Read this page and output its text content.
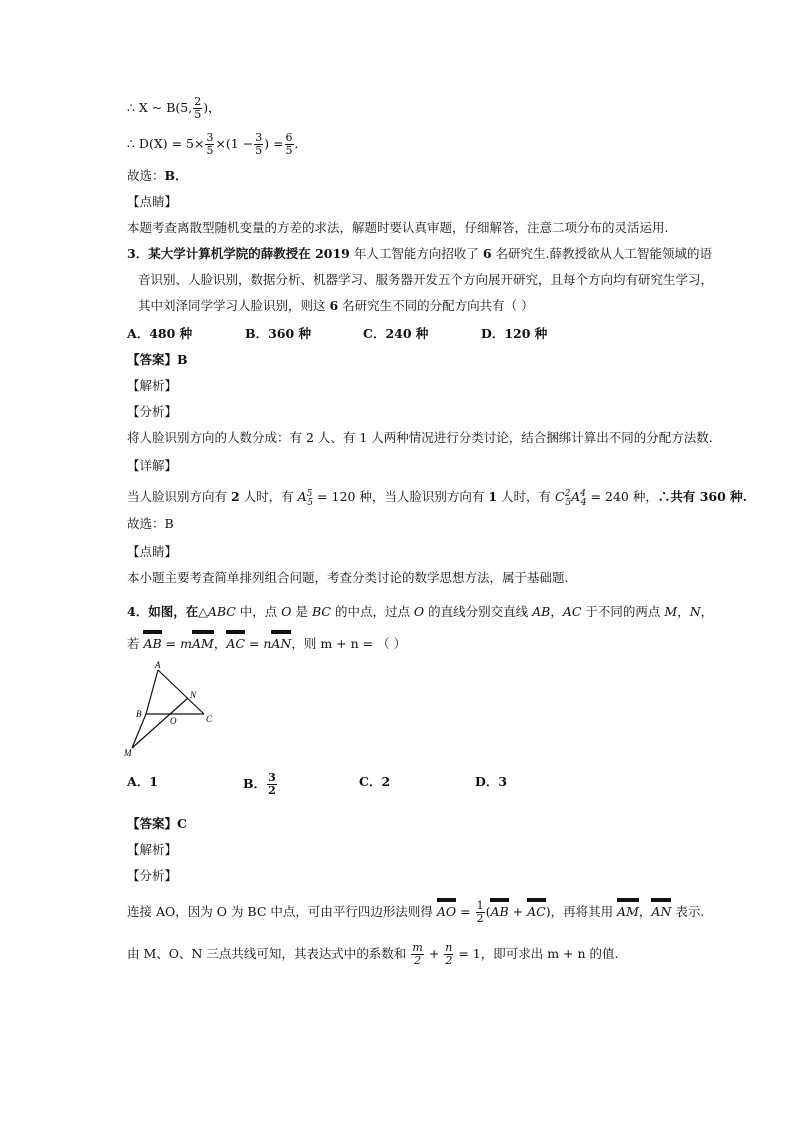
∴ X ~ B(5, $\frac{2}{5}$ )，
∴ $D(X) = 5\times \frac{3}{5} \times(1 - \frac{3}{5}$ ) = $\frac{6}{5}$ ．
故选：B．
【点睛】
本题考查离散型随机变量的方差的求法，解题时要认真审题，仔细解答，注意二项分布的灵活运用.
3．某大学计算机学院的薛教授在 2019 年人工智能方向招收了 6 名研究生.薛教授欲从人工智能领域的语
音识别、人脸识别，数据分析、机器学习、服务器开发五个方向展开研究，且每个方向均有研究生学习，
其中刘泽同学学习人脸识别，则这 6 名研究生不同的分配方向共有（ ）
A．480 种	B．360 种	C．240 种	D．120 种
【答案】B
【解析】
【分析】
将人脸识别方向的人数分成：有 2 人、有 1 人两种情况进行分类讨论，结合捆绑计算出不同的分配方法数.
【详解】
当人脸识别方向有 2 人时，有 $A^5_5 = 120$ 种，当人脸识别方向有 1 人时，有 $C^2_5A^4_4 = 240$ 种，∴共有 360 种.
故选：B
【点睛】
本小题主要考查简单排列组合问题，考查分类讨论的数学思想方法，属于基础题.
4．如图，在△ABC 中，点 O 是 BC 的中点，过点 O 的直线分别交直线 AB，AC 于不同的两点 M，N，
若 AB = mAM，AC = nAN，则 m + n = （ ）
A
B	C
O
N
M
A．1	B． $\frac{3}{2}$	C．2	D．3
【答案】C
【解析】
【分析】
连接 AO，因为 O 为 BC 中点，可由平行四边形法则得 AO = $\frac{1}{2} (AB + AC)$，再将其用 AM，AN 表示.
由 M、O、N 三点共线可知，其表达式中的系数和 $\frac{m}{2} + \frac{n}{2} = 1$，即可求出 m + n 的值.
